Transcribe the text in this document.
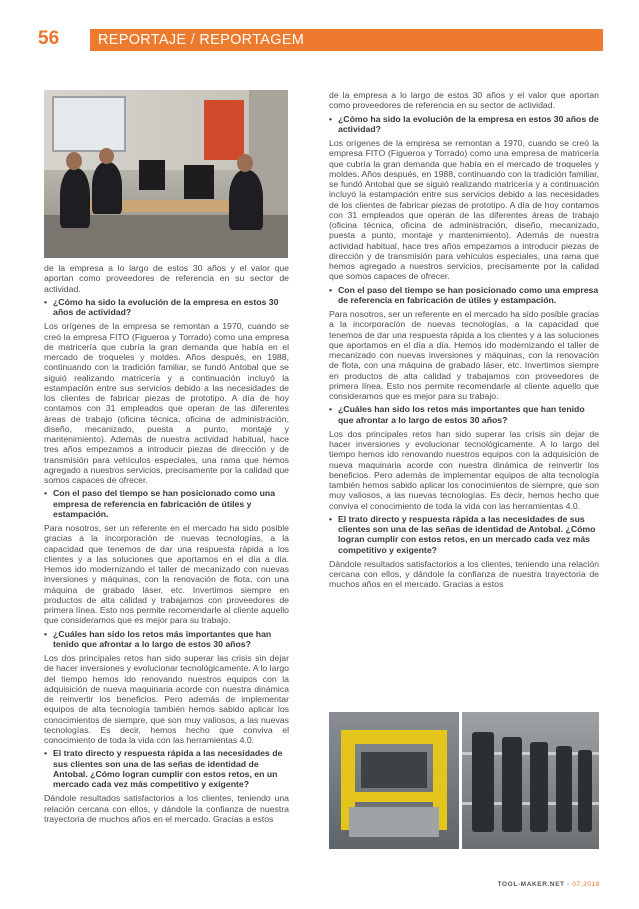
56	REPORTAJE / REPORTAGEM

de la empresa a lo largo de estos 30 años y el valor que aportan como proveedores de referencia en su sector de actividad.

• ¿Cómo ha sido la evolución de la empresa en estos 30 años de actividad?

Los orígenes de la empresa se remontan a 1970, cuando se creó la empresa FITO (Figueroa y Torrado) como una empresa de matricería que cubría la gran demanda que había en el mercado de troqueles y moldes. Años después, en 1988, continuando con la tradición familiar, se fundó Antobal que se siguió realizando matricería y a continuación incluyó la estampación entre sus servicios debido a las necesidades de los clientes de fabricar piezas de prototipo. A día de hoy contamos con 31 empleados que operan de las diferentes áreas de trabajo (oficina técnica, oficina de administración, diseño, mecanizado, puesta a punto, montaje y mantenimiento). Además de nuestra actividad habitual, hace tres años empezamos a introducir piezas de dirección y de transmisión para vehículos especiales, una rama que hemos agregado a nuestros servicios, precisamente por la calidad que somos capaces de ofrecer.

• Con el paso del tiempo se han posicionado como una empresa de referencia en fabricación de útiles y estampación.

Para nosotros, ser un referente en el mercado ha sido posible gracias a la incorporación de nuevas tecnologías, a la capacidad que tenemos de dar una respuesta rápida a los clientes y a las soluciones que aportamos en el día a día. Hemos ido modernizando el taller de mecanizado con nuevas inversiones y máquinas, con la renovación de flota, con una máquina de grabado láser, etc. Invertimos siempre en productos de alta calidad y trabajamos con proveedores de primera línea. Esto nos permite recomendarle al cliente aquello que consideramos que es mejor para su trabajo.

• ¿Cuáles han sido los retos más importantes que han tenido que afrontar a lo largo de estos 30 años?

Los dos principales retos han sido superar las crisis sin dejar de hacer inversiones y evolucionar tecnológicamente. A lo largo del tiempo hemos ido renovando nuestros equipos con la adquisición de nueva maquinaria acorde con nuestra dinámica de reinvertir los beneficios. Pero además de implementar equipos de alta tecnología también hemos sabido aplicar los conocimientos de siempre, que son muy valiosos, a las nuevas tecnologías. Es decir, hemos hecho que conviva el conocimiento de toda la vida con las herramientas 4.0.

• El trato directo y respuesta rápida a las necesidades de sus clientes son una de las señas de identidad de Antobal. ¿Cómo logran cumplir con estos retos, en un mercado cada vez más competitivo y exigente?

Dándole resultados satisfactorios a los clientes, teniendo una relación cercana con ellos, y dándole la confianza de nuestra trayectoria de muchos años en el mercado. Gracias a estos

de la empresa a lo largo de estos 30 años y el valor que aportan como proveedores de referencia en su sector de actividad.

• ¿Cómo ha sido la evolución de la empresa en estos 30 años de actividad?

Los orígenes de la empresa se remontan a 1970, cuando se creó la empresa FITO (Figueroa y Torrado) como una empresa de matricería que cubría la gran demanda que había en el mercado de troqueles y moldes. Años después, en 1988, continuando con la tradición familiar, se fundó Antobal que se siguió realizando matricería y a continuación incluyó la estampación entre sus servicios debido a las necesidades de los clientes de fabricar piezas de prototipo. A día de hoy contamos con 31 empleados que operan de las diferentes áreas de trabajo (oficina técnica, oficina de administración, diseño, mecanizado, puesta a punto, montaje y mantenimiento). Además de nuestra actividad habitual, hace tres años empezamos a introducir piezas de dirección y de transmisión para vehículos especiales, una rama que hemos agregado a nuestros servicios, precisamente por la calidad que somos capaces de ofrecer.

• Con el paso del tiempo se han posicionado como una empresa de referencia en fabricación de útiles y estampación.

Para nosotros, ser un referente en el mercado ha sido posible gracias a la incorporación de nuevas tecnologías, a la capacidad que tenemos de dar una respuesta rápida a los clientes y a las soluciones que aportamos en el día a día. Hemos ido modernizando el taller de mecanizado con nuevas inversiones y máquinas, con la renovación de flota, con una máquina de grabado láser, etc. Invertimos siempre en productos de alta calidad y trabajamos con proveedores de primera línea. Esto nos permite recomendarle al cliente aquello que consideramos que es mejor para su trabajo.

• ¿Cuáles han sido los retos más importantes que han tenido que afrontar a lo largo de estos 30 años?

Los dos principales retos han sido superar las crisis sin dejar de hacer inversiones y evolucionar tecnológicamente. A lo largo del tiempo hemos ido renovando nuestros equipos con la adquisición de nueva maquinaria acorde con nuestra dinámica de reinvertir los beneficios. Pero además de implementar equipos de alta tecnología también hemos sabido aplicar los conocimientos de siempre, que son muy valiosos, a las nuevas tecnologías. Es decir, hemos hecho que conviva el conocimiento de toda la vida con las herramientas 4.0.

• El trato directo y respuesta rápida a las necesidades de sus clientes son una de las señas de identidad de Antobal. ¿Cómo logran cumplir con estos retos, en un mercado cada vez más competitivo y exigente?

Dándole resultados satisfactorios a los clientes, teniendo una relación cercana con ellos, y dándole la confianza de nuestra trayectoria de muchos años en el mercado. Gracias a estos

TOOL-MAKER.NET · 07.2018
